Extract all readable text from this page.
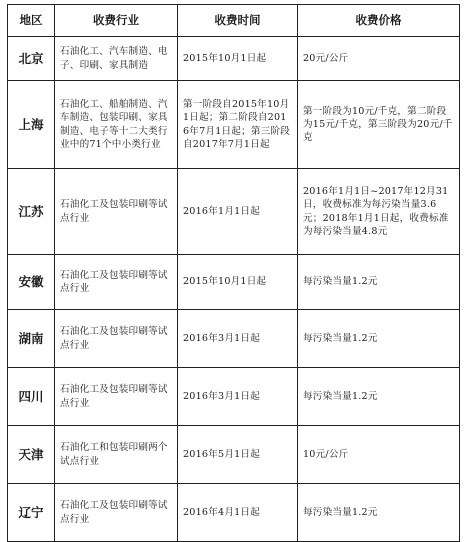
地区	收费行业	收费时间	收费价格
北京	石油化工、汽车制造、电子、印刷、家具制造	2015年10月1日起	20元/公斤
上海	石油化工、船舶制造、汽车制造、包装印刷、家具制造、电子等十二大类行业中的71个中小类行业	第一阶段自2015年10月1日起；第二阶段自2016年7月1日起；第三阶段自2017年7月1日起	第一阶段为10元/千克，第二阶段为15元/千克，第三阶段为20元/千克
江苏	石油化工及包装印刷等试点行业	2016年1月1日起	2016年1月1日~2017年12月31日，收费标准为每污染当量3.6元；2018年1月1日起，收费标准为每污染当量4.8元
安徽	石油化工及包装印刷等试点行业	2015年10月1日起	每污染当量1.2元
湖南	石油化工及包装印刷等试点行业	2016年3月1日起	每污染当量1.2元
四川	石油化工及包装印刷等试点行业	2016年3月1日起	每污染当量1.2元
天津	石油化工和包装印刷两个试点行业	2016年5月1日起	10元/公斤
辽宁	石油化工及包装印刷等试点行业	2016年4月1日起	每污染当量1.2元
